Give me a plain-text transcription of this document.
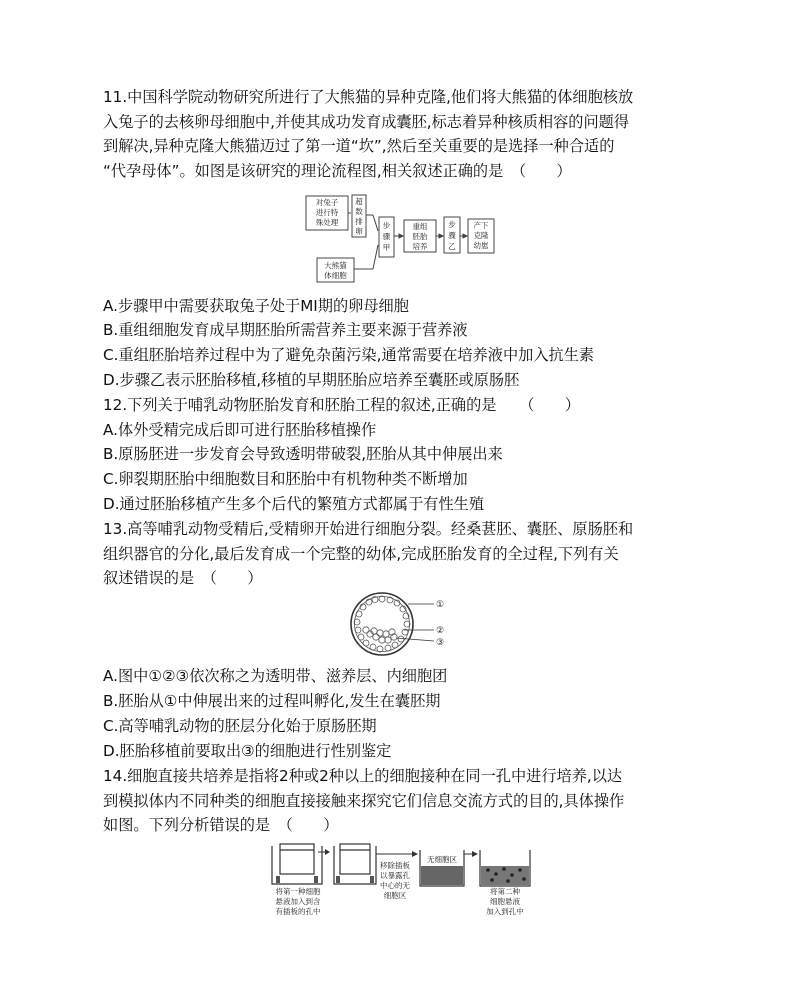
11.中国科学院动物研究所进行了大熊猫的异种克隆,他们将大熊猫的体细胞核放
入兔子的去核卵母细胞中,并使其成功发育成囊胚,标志着异种核质相容的问题得
到解决,异种克隆大熊猫迈过了第一道“坎”,然后至关重要的是选择一种合适的
“代孕母体”。如图是该研究的理论流程图,相关叙述正确的是　（　　）
对兔子
进行特
殊处理
超
数
排
卵
步
骤
甲
重组
胚胎
培养
步
骤
乙
产下
克隆
幼崽
大熊猫
体细胞
A.步骤甲中需要获取兔子处于MⅠ期的卵母细胞
B.重组细胞发育成早期胚胎所需营养主要来源于营养液
C.重组胚胎培养过程中为了避免杂菌污染,通常需要在培养液中加入抗生素
D.步骤乙表示胚胎移植,移植的早期胚胎应培养至囊胚或原肠胚
12.下列关于哺乳动物胚胎发育和胚胎工程的叙述,正确的是　　（　　）
A.体外受精完成后即可进行胚胎移植操作
B.原肠胚进一步发育会导致透明带破裂,胚胎从其中伸展出来
C.卵裂期胚胎中细胞数目和胚胎中有机物种类不断增加
D.通过胚胎移植产生多个后代的繁殖方式都属于有性生殖
13.高等哺乳动物受精后,受精卵开始进行细胞分裂。经桑葚胚、囊胚、原肠胚和
组织器官的分化,最后发育成一个完整的幼体,完成胚胎发育的全过程,下列有关
叙述错误的是　（　　）
①
②
③
A.图中①②③依次称之为透明带、滋养层、内细胞团
B.胚胎从①中伸展出来的过程叫孵化,发生在囊胚期
C.高等哺乳动物的胚层分化始于原肠胚期
D.胚胎移植前要取出③的细胞进行性别鉴定
14.细胞直接共培养是指将2种或2种以上的细胞接种在同一孔中进行培养,以达
到模拟体内不同种类的细胞直接接触来探究它们信息交流方式的目的,具体操作
如图。下列分析错误的是　（　　）
将第一种细胞
悬液加入到含
有插板的孔中
移除插板
以暴露孔
中心的无
细胞区
无细胞区
将第二种
细胞悬液
加入到孔中
